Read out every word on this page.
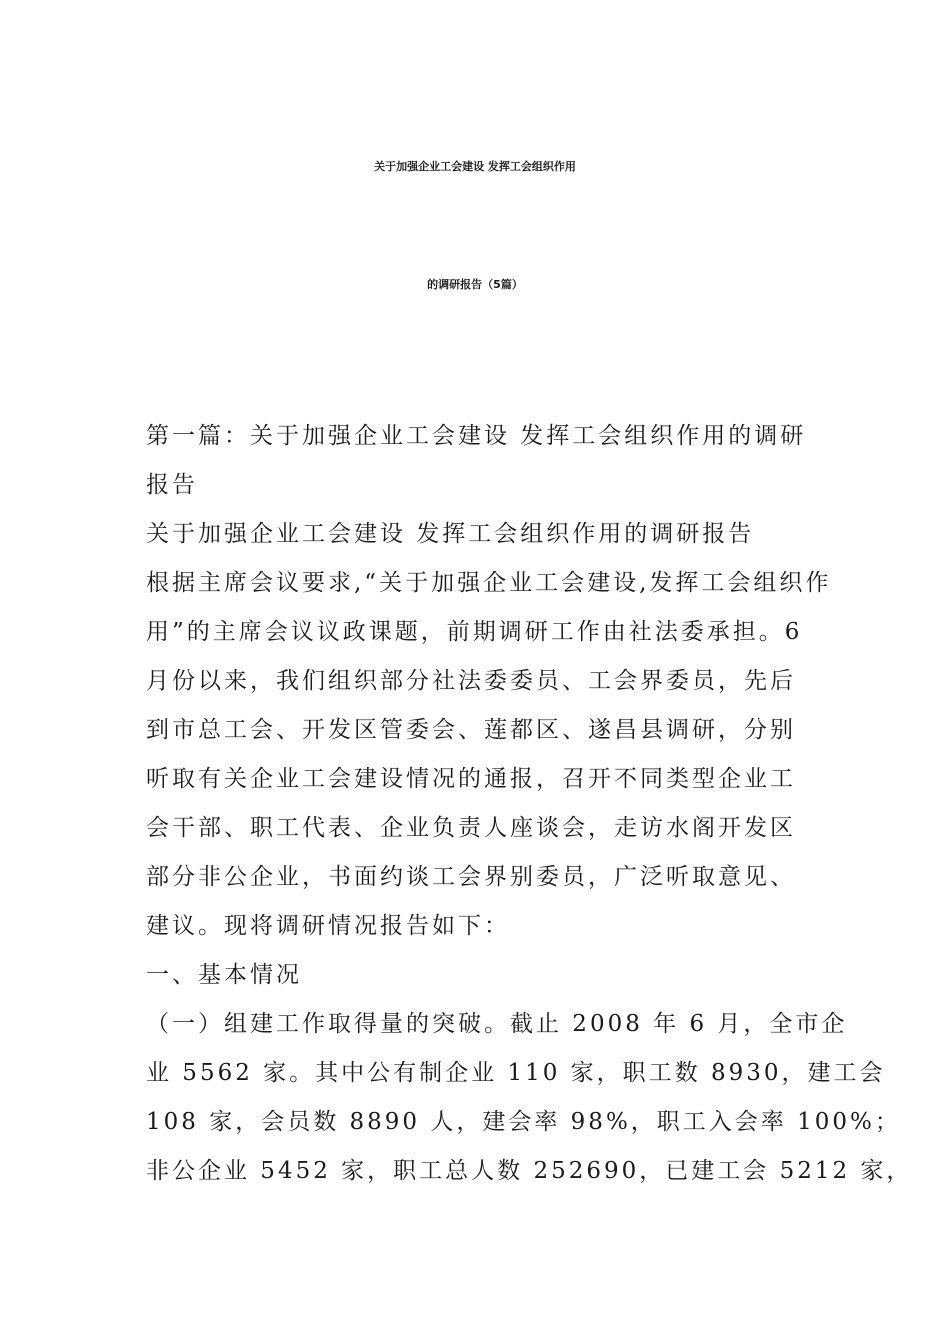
关于加强企业工会建设 发挥工会组织作用
的调研报告（5篇）
第一篇：关于加强企业工会建设 发挥工会组织作用的调研
报告
关于加强企业工会建设 发挥工会组织作用的调研报告
根据主席会议要求,“关于加强企业工会建设,发挥工会组织作
用”的主席会议议政课题，前期调研工作由社法委承担。6
月份以来，我们组织部分社法委委员、工会界委员，先后
到市总工会、开发区管委会、莲都区、遂昌县调研，分别
听取有关企业工会建设情况的通报，召开不同类型企业工
会干部、职工代表、企业负责人座谈会，走访水阁开发区
部分非公企业，书面约谈工会界别委员，广泛听取意见、
建议。现将调研情况报告如下：
一、基本情况
（一）组建工作取得量的突破。截止 2008 年 6 月，全市企
业 5562 家。其中公有制企业 110 家，职工数 8930，建工会
108 家，会员数 8890 人，建会率 98%，职工入会率 100%；
非公企业 5452 家，职工总人数 252690，已建工会 5212 家，
